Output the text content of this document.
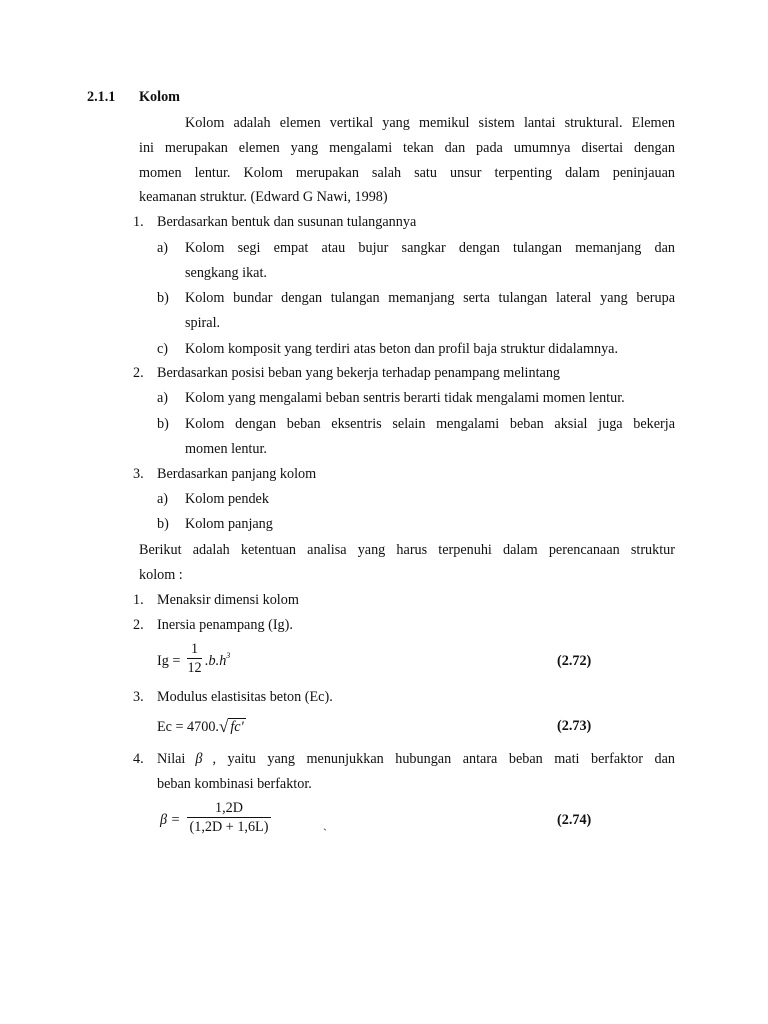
2.1.1 Kolom
Kolom adalah elemen vertikal yang memikul sistem lantai struktural. Elemen
ini merupakan elemen yang mengalami tekan dan pada umumnya disertai dengan
momen lentur. Kolom merupakan salah satu unsur terpenting dalam peninjauan
keamanan struktur. (Edward G Nawi, 1998)
1. Berdasarkan bentuk dan susunan tulangannya
a) Kolom segi empat atau bujur sangkar dengan tulangan memanjang dan
sengkang ikat.
b) Kolom bundar dengan tulangan memanjang serta tulangan lateral yang berupa
spiral.
c) Kolom komposit yang terdiri atas beton dan profil baja struktur didalamnya.
2. Berdasarkan posisi beban yang bekerja terhadap penampang melintang
a) Kolom yang mengalami beban sentris berarti tidak mengalami momen lentur.
b) Kolom dengan beban eksentris selain mengalami beban aksial juga bekerja
momen lentur.
3. Berdasarkan panjang kolom
a) Kolom pendek
b) Kolom panjang
Berikut adalah ketentuan analisa yang harus terpenuhi dalam perencanaan struktur
kolom :
1. Menaksir dimensi kolom
2. Inersia penampang (Ig).
$Ig = \frac{1}{12} .b.h^3$	(2.72)
3. Modulus elastisitas beton (Ec).
Ec = 4700.√ fc'	(2.73)
4. Nilai β , yaitu yang menunjukkan hubungan antara beban mati berfaktor dan
beban kombinasi berfaktor.
$\beta = \frac{1,2D}{(1,2D + 1,6L)}$	`
(2.74)
